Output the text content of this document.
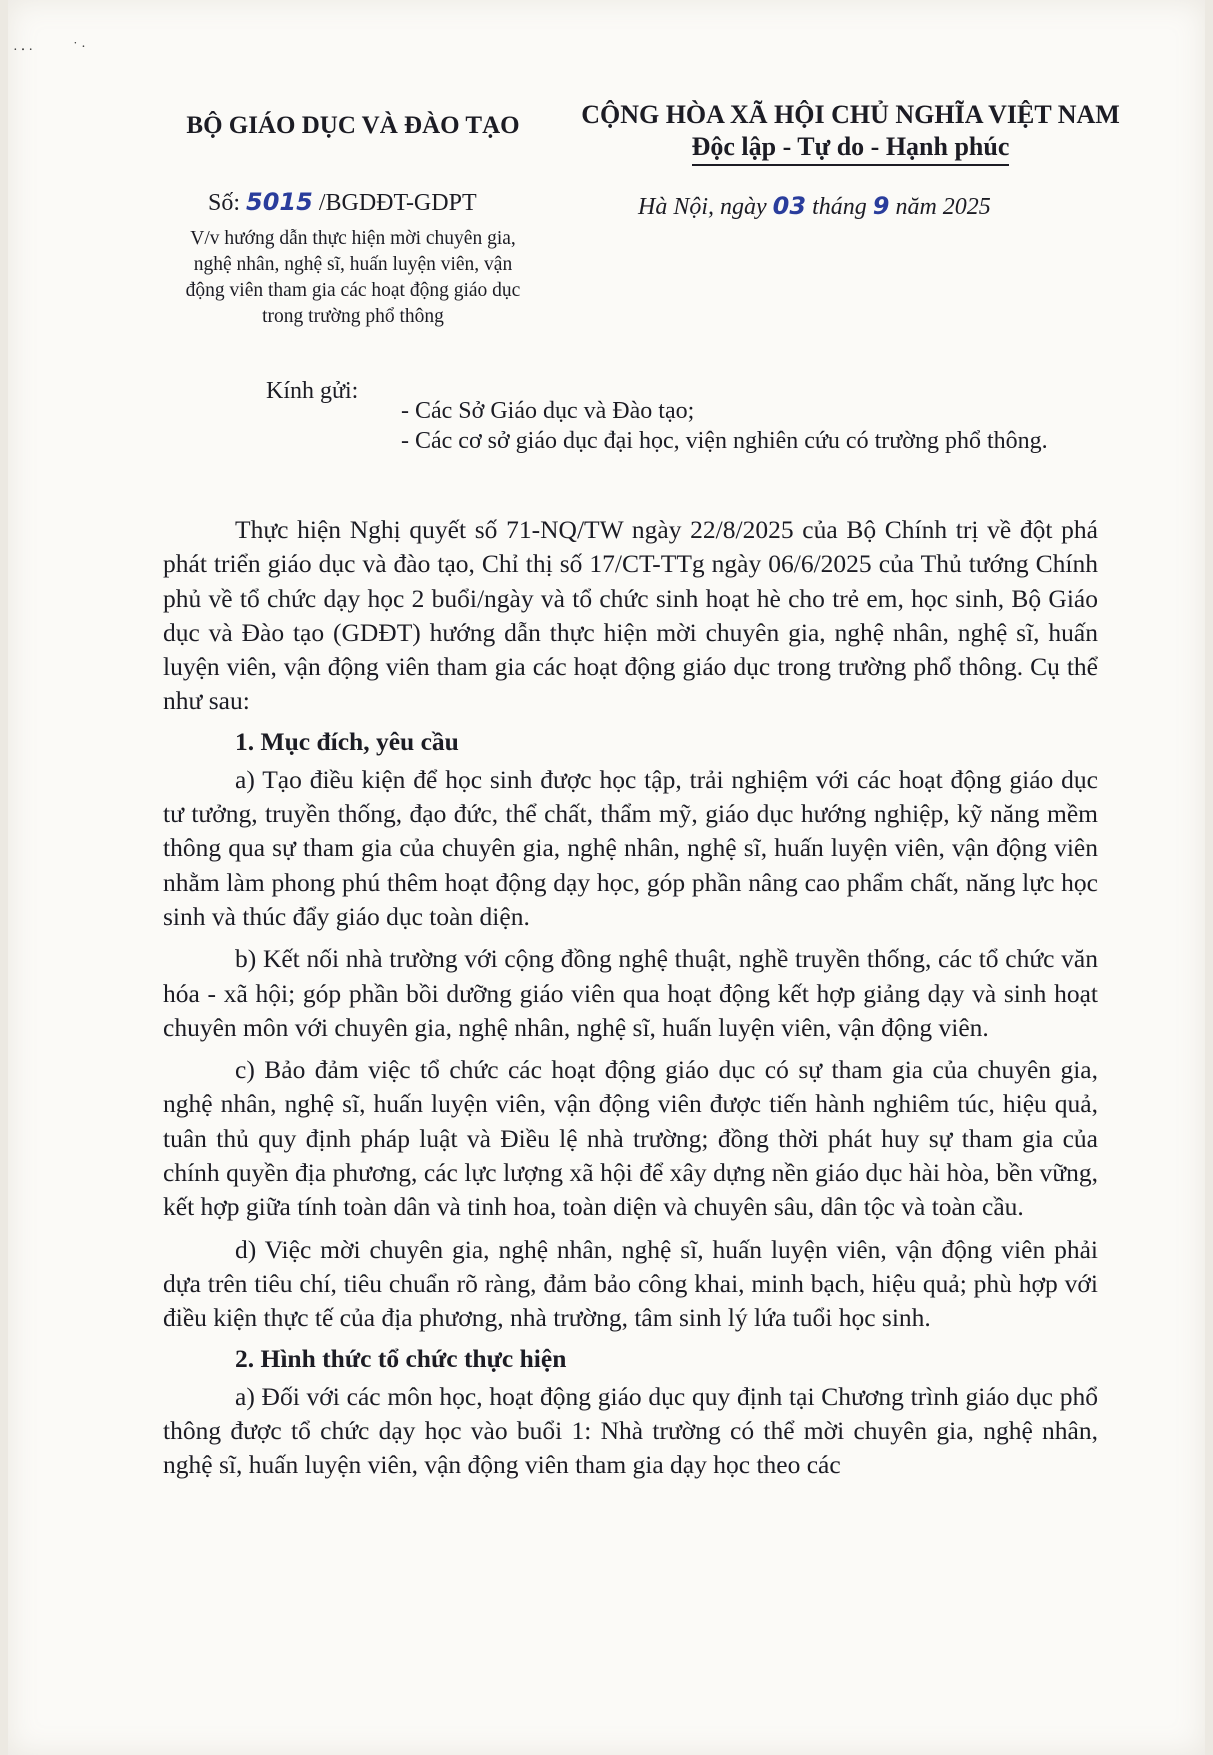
· ⸱ ·	˙ ·
BỘ GIÁO DỤC VÀ ĐÀO TẠO	CỘNG HÒA XÃ HỘI CHỦ NGHĨA VIỆT NAM
Độc lập - Tự do - Hạnh phúc
Số: 5015 /BGDĐT-GDPT
V/v hướng dẫn thực hiện mời chuyên gia,
nghệ nhân, nghệ sĩ, huấn luyện viên, vận
động viên tham gia các hoạt động giáo dục
trong trường phổ thông
Hà Nội, ngày 03 tháng 9 năm 2025
Kính gửi:
- Các Sở Giáo dục và Đào tạo;
- Các cơ sở giáo dục đại học, viện nghiên cứu có trường phổ thông.

Thực hiện Nghị quyết số 71-NQ/TW ngày 22/8/2025 của Bộ Chính trị về đột phá phát triển giáo dục và đào tạo, Chỉ thị số 17/CT-TTg ngày 06/6/2025 của Thủ tướng Chính phủ về tổ chức dạy học 2 buổi/ngày và tổ chức sinh hoạt hè cho trẻ em, học sinh, Bộ Giáo dục và Đào tạo (GDĐT) hướng dẫn thực hiện mời chuyên gia, nghệ nhân, nghệ sĩ, huấn luyện viên, vận động viên tham gia các hoạt động giáo dục trong trường phổ thông. Cụ thể như sau:

1. Mục đích, yêu cầu

a) Tạo điều kiện để học sinh được học tập, trải nghiệm với các hoạt động giáo dục tư tưởng, truyền thống, đạo đức, thể chất, thẩm mỹ, giáo dục hướng nghiệp, kỹ năng mềm thông qua sự tham gia của chuyên gia, nghệ nhân, nghệ sĩ, huấn luyện viên, vận động viên nhằm làm phong phú thêm hoạt động dạy học, góp phần nâng cao phẩm chất, năng lực học sinh và thúc đẩy giáo dục toàn diện.

b) Kết nối nhà trường với cộng đồng nghệ thuật, nghề truyền thống, các tổ chức văn hóa - xã hội; góp phần bồi dưỡng giáo viên qua hoạt động kết hợp giảng dạy và sinh hoạt chuyên môn với chuyên gia, nghệ nhân, nghệ sĩ, huấn luyện viên, vận động viên.

c) Bảo đảm việc tổ chức các hoạt động giáo dục có sự tham gia của chuyên gia, nghệ nhân, nghệ sĩ, huấn luyện viên, vận động viên được tiến hành nghiêm túc, hiệu quả, tuân thủ quy định pháp luật và Điều lệ nhà trường; đồng thời phát huy sự tham gia của chính quyền địa phương, các lực lượng xã hội để xây dựng nền giáo dục hài hòa, bền vững, kết hợp giữa tính toàn dân và tinh hoa, toàn diện và chuyên sâu, dân tộc và toàn cầu.

d) Việc mời chuyên gia, nghệ nhân, nghệ sĩ, huấn luyện viên, vận động viên phải dựa trên tiêu chí, tiêu chuẩn rõ ràng, đảm bảo công khai, minh bạch, hiệu quả; phù hợp với điều kiện thực tế của địa phương, nhà trường, tâm sinh lý lứa tuổi học sinh.

2. Hình thức tổ chức thực hiện

a) Đối với các môn học, hoạt động giáo dục quy định tại Chương trình giáo dục phổ thông được tổ chức dạy học vào buổi 1: Nhà trường có thể mời chuyên gia, nghệ nhân, nghệ sĩ, huấn luyện viên, vận động viên tham gia dạy học theo các
